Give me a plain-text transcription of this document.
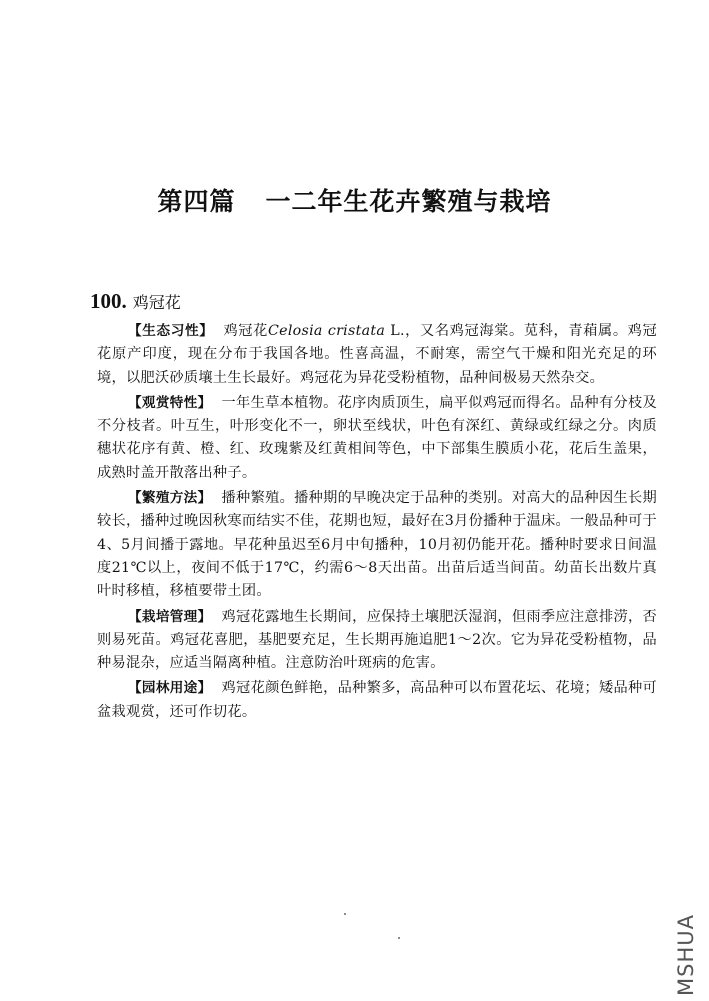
第四篇 一二年生花卉繁殖与栽培
100. 鸡冠花

【生态习性】 鸡冠花Celosia cristata L.，又名鸡冠海棠。苋科，青葙属。鸡冠花原产印度，现在分布于我国各地。性喜高温，不耐寒，需空气干燥和阳光充足的环境，以肥沃砂质壤土生长最好。鸡冠花为异花受粉植物，品种间极易天然杂交。

【观赏特性】 一年生草本植物。花序肉质顶生，扁平似鸡冠而得名。品种有分枝及不分枝者。叶互生，叶形变化不一，卵状至线状，叶色有深红、黄绿或红绿之分。肉质穗状花序有黄、橙、红、玫瑰紫及红黄相间等色，中下部集生膜质小花，花后生盖果，成熟时盖开散落出种子。

【繁殖方法】 播种繁殖。播种期的早晚决定于品种的类别。对高大的品种因生长期较长，播种过晚因秋寒而结实不佳，花期也短，最好在3月份播种于温床。一般品种可于4、5月间播于露地。早花种虽迟至6月中旬播种，10月初仍能开花。播种时要求日间温度21℃以上，夜间不低于17℃，约需6～8天出苗。出苗后适当间苗。幼苗长出数片真叶时移植，移植要带土团。

【栽培管理】 鸡冠花露地生长期间，应保持土壤肥沃湿润，但雨季应注意排涝，否则易死苗。鸡冠花喜肥，基肥要充足，生长期再施追肥1～2次。它为异花受粉植物，品种易混杂，应适当隔离种植。注意防治叶斑病的危害。

【园林用途】 鸡冠花颜色鲜艳，品种繁多，高品种可以布置花坛、花境；矮品种可盆栽观赏，还可作切花。

MSHUA
